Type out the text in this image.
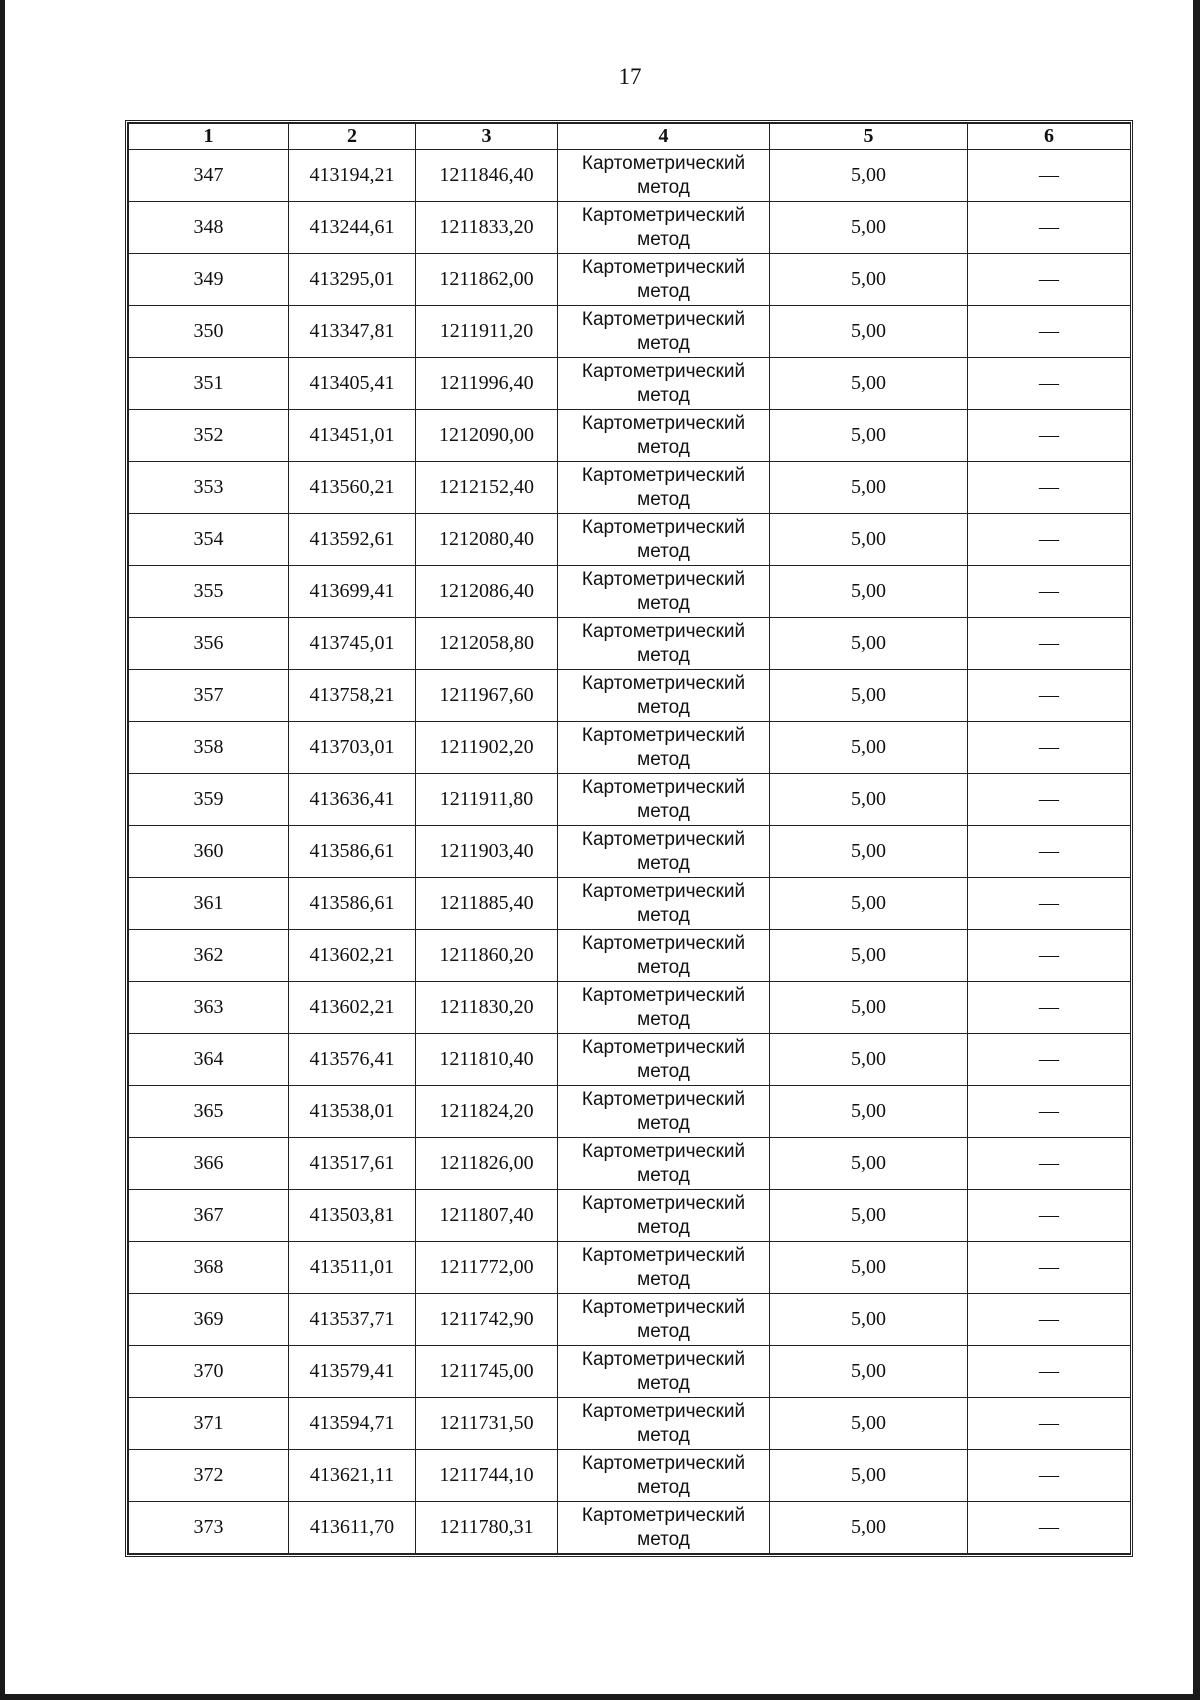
17
1	2	3	4	5	6
347	413194,21	1211846,40	Картометрический метод	5,00	—
348	413244,61	1211833,20	Картометрический метод	5,00	—
349	413295,01	1211862,00	Картометрический метод	5,00	—
350	413347,81	1211911,20	Картометрический метод	5,00	—
351	413405,41	1211996,40	Картометрический метод	5,00	—
352	413451,01	1212090,00	Картометрический метод	5,00	—
353	413560,21	1212152,40	Картометрический метод	5,00	—
354	413592,61	1212080,40	Картометрический метод	5,00	—
355	413699,41	1212086,40	Картометрический метод	5,00	—
356	413745,01	1212058,80	Картометрический метод	5,00	—
357	413758,21	1211967,60	Картометрический метод	5,00	—
358	413703,01	1211902,20	Картометрический метод	5,00	—
359	413636,41	1211911,80	Картометрический метод	5,00	—
360	413586,61	1211903,40	Картометрический метод	5,00	—
361	413586,61	1211885,40	Картометрический метод	5,00	—
362	413602,21	1211860,20	Картометрический метод	5,00	—
363	413602,21	1211830,20	Картометрический метод	5,00	—
364	413576,41	1211810,40	Картометрический метод	5,00	—
365	413538,01	1211824,20	Картометрический метод	5,00	—
366	413517,61	1211826,00	Картометрический метод	5,00	—
367	413503,81	1211807,40	Картометрический метод	5,00	—
368	413511,01	1211772,00	Картометрический метод	5,00	—
369	413537,71	1211742,90	Картометрический метод	5,00	—
370	413579,41	1211745,00	Картометрический метод	5,00	—
371	413594,71	1211731,50	Картометрический метод	5,00	—
372	413621,11	1211744,10	Картометрический метод	5,00	—
373	413611,70	1211780,31	Картометрический метод	5,00	—
